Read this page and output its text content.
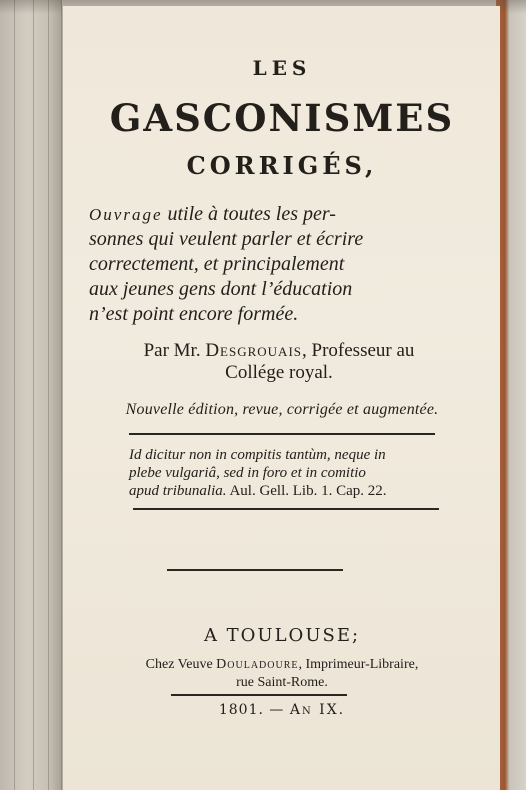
LES
GASCONISMES
CORRIGÉS,

Ouvrage utile à toutes les per-
sonnes qui veulent parler et écrire
correctement, et principalement
aux jeunes gens dont l’éducation
n’est point encore formée.

Par Mr. Desgrouais, Professeur au
Collége royal.
Nouvelle édition, revue, corrigée et augmentée.

Id dicitur non in compitis tantùm, neque in
plebe vulgariâ, sed in foro et in comitio
apud tribunalia. Aul. Gell. Lib. 1. Cap. 22.

A TOULOUSE;
Chez Veuve Douladoure, Imprimeur-Libraire,
rue Saint-Rome.
1801. — An IX.
